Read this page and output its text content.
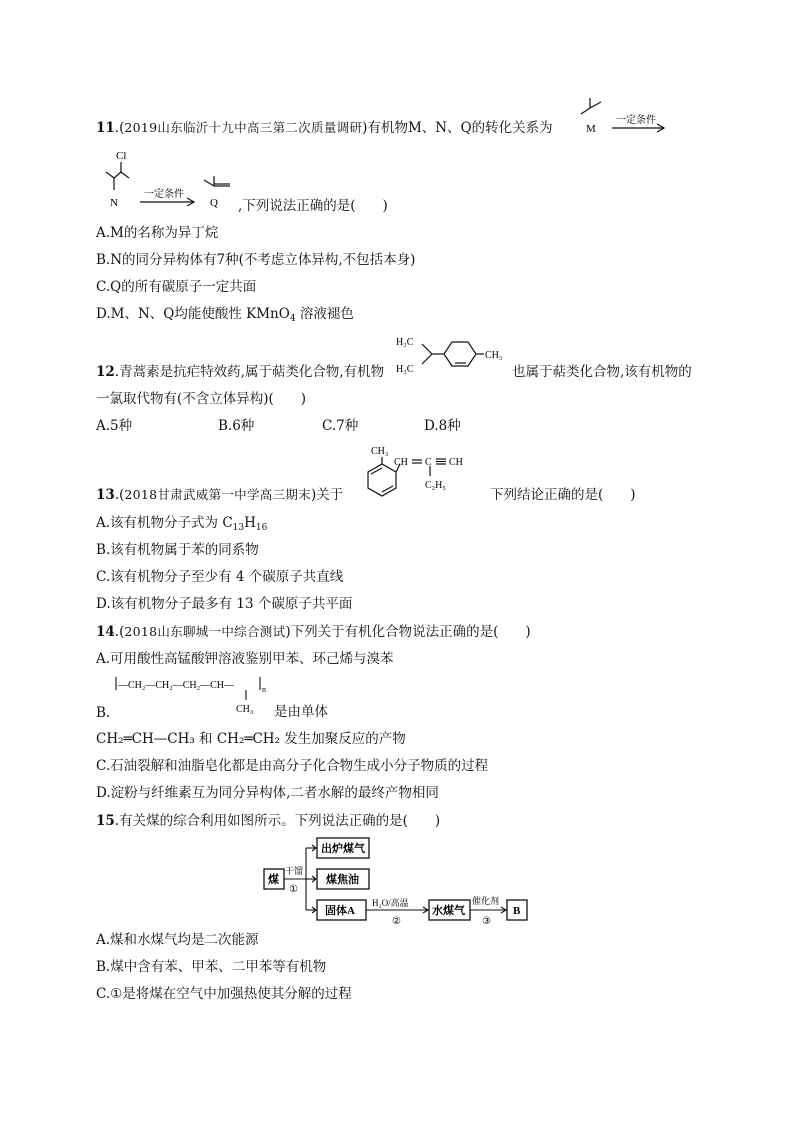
11.(2019山东临沂十九中高三第二次质量调研)有机物M、N、Q的转化关系为	M
一定条件
Cl
N
一定条件
Q ,下列说法正确的是(　　)
A.M的名称为异丁烷
B.N的同分异构体有7种(不考虑立体异构,不包括本身)
C.Q的所有碳原子一定共面
D.M、N、Q均能使酸性 KMnO$_4$ 溶液褪色
12.青蒿素是抗疟特效药,属于萜类化合物,有机物
H₃C
H₃C
CH₃
也属于萜类化合物,该有机物的
一氯取代物有(不含立体异构)(　　)
A.5种	B.6种	C.7种	D.8种
13.(2018甘肃武威第一中学高三期末)关于
CH₃
CH C
C₂H₅
CH
下列结论正确的是(　　)
A.该有机物分子式为 $C_{13}H_{16}$
B.该有机物属于苯的同系物
C.该有机物分子至少有 4 个碳原子共直线
D.该有机物分子最多有 13 个碳原子共平面
14.(2018山东聊城一中综合测试)下列关于有机化合物说法正确的是(　　)
A.可用酸性高锰酸钾溶液鉴别甲苯、环己烯与溴苯
—CH₂—CH₂—CH₂—CH—	n
CH₃
B.	是由单体
CH₂═CH—CH₃ 和 CH₂═CH₂ 发生加聚反应的产物
C.石油裂解和油脂皂化都是由高分子化合物生成小分子物质的过程
D.淀粉与纤维素互为同分异构体,二者水解的最终产物相同
15.有关煤的综合利用如图所示。下列说法正确的是(　　)
煤
干馏
①
出炉煤气
煤焦油
固体A
H₂O/高温
②
水煤气
催化剂
③
B
A.煤和水煤气均是二次能源
B.煤中含有苯、甲苯、二甲苯等有机物
C.①是将煤在空气中加强热使其分解的过程
